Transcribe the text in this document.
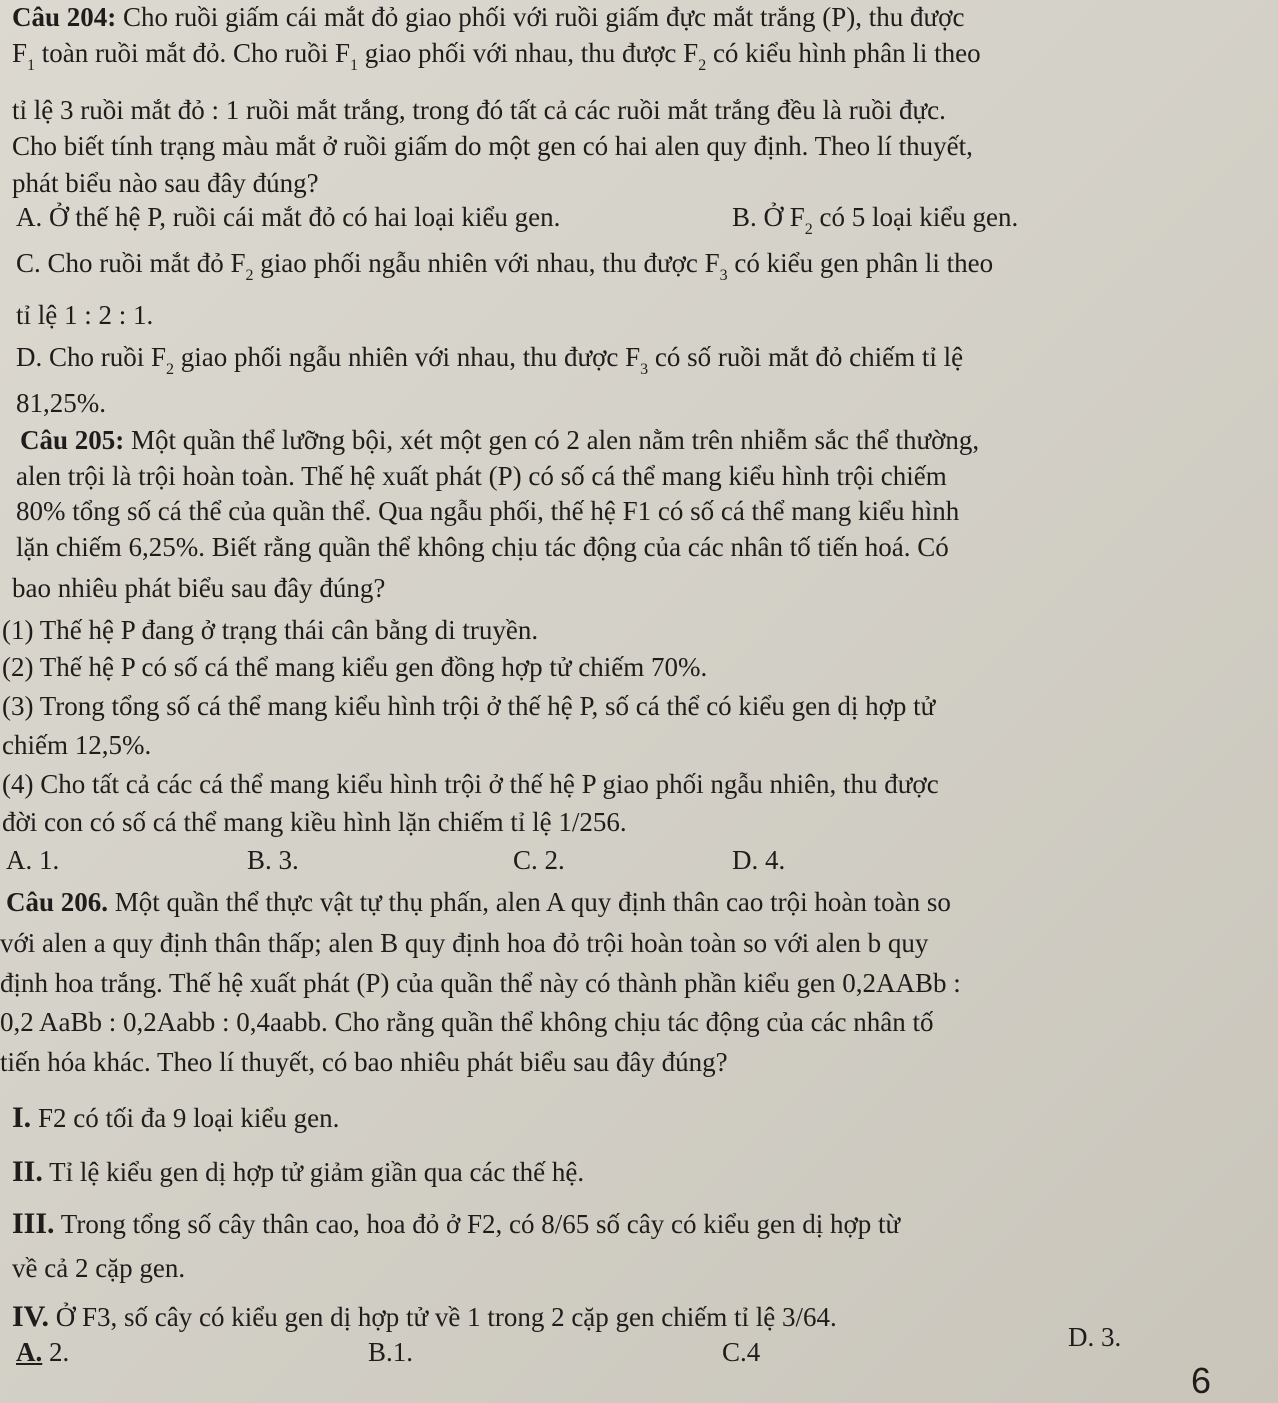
Câu 204: Cho ruồi giấm cái mắt đỏ giao phối với ruồi giấm đực mắt trắng (P), thu được
$F_1$ toàn ruồi mắt đỏ. Cho ruồi $F_1$ giao phối với nhau, thu được $F_2$ có kiểu hình phân li theo
tỉ lệ 3 ruồi mắt đỏ : 1 ruồi mắt trắng, trong đó tất cả các ruồi mắt trắng đều là ruồi đực.
Cho biết tính trạng màu mắt ở ruồi giấm do một gen có hai alen quy định. Theo lí thuyết,
phát biểu nào sau đây đúng?
A. Ở thế hệ P, ruồi cái mắt đỏ có hai loại kiểu gen.	B. Ở $F_2$ có 5 loại kiểu gen.
C. Cho ruồi mắt đỏ $F_2$ giao phối ngẫu nhiên với nhau, thu được $F_3$ có kiểu gen phân li theo
tỉ lệ 1 : 2 : 1.
D. Cho ruồi $F_2$ giao phối ngẫu nhiên với nhau, thu được $F_3$ có số ruồi mắt đỏ chiếm tỉ lệ
81,25%.
Câu 205: Một quần thể lưỡng bội, xét một gen có 2 alen nằm trên nhiễm sắc thể thường,
alen trội là trội hoàn toàn. Thế hệ xuất phát (P) có số cá thể mang kiểu hình trội chiếm
80% tổng số cá thể của quần thể. Qua ngẫu phối, thế hệ F1 có số cá thể mang kiểu hình
lặn chiếm 6,25%. Biết rằng quần thể không chịu tác động của các nhân tố tiến hoá. Có
bao nhiêu phát biểu sau đây đúng?
(1) Thế hệ P đang ở trạng thái cân bằng di truyền.
(2) Thế hệ P có số cá thể mang kiểu gen đồng hợp tử chiếm 70%.
(3) Trong tổng số cá thể mang kiểu hình trội ở thế hệ P, số cá thể có kiểu gen dị hợp tử
chiếm 12,5%.
(4) Cho tất cả các cá thể mang kiểu hình trội ở thế hệ P giao phối ngẫu nhiên, thu được
đời con có số cá thể mang kiều hình lặn chiếm tỉ lệ 1/256.
A. 1.	B. 3.	C. 2.	D. 4.
Câu 206. Một quần thể thực vật tự thụ phấn, alen A quy định thân cao trội hoàn toàn so
với alen a quy định thân thấp; alen B quy định hoa đỏ trội hoàn toàn so với alen b quy
định hoa trắng. Thế hệ xuất phát (P) của quần thể này có thành phần kiểu gen 0,2AABb :
0,2 AaBb : 0,2Aabb : 0,4aabb. Cho rằng quần thể không chịu tác động của các nhân tố
tiến hóa khác. Theo lí thuyết, có bao nhiêu phát biểu sau đây đúng?
I. F2 có tối đa 9 loại kiểu gen.
II. Tỉ lệ kiểu gen dị hợp tử giảm giần qua các thế hệ.
III. Trong tổng số cây thân cao, hoa đỏ ở F2, có 8/65 số cây có kiểu gen dị hợp từ
về cả 2 cặp gen.
IV. Ở F3, số cây có kiểu gen dị hợp tử về 1 trong 2 cặp gen chiếm tỉ lệ 3/64.
A. 2.	B.1.	C.4	D. 3.
6
